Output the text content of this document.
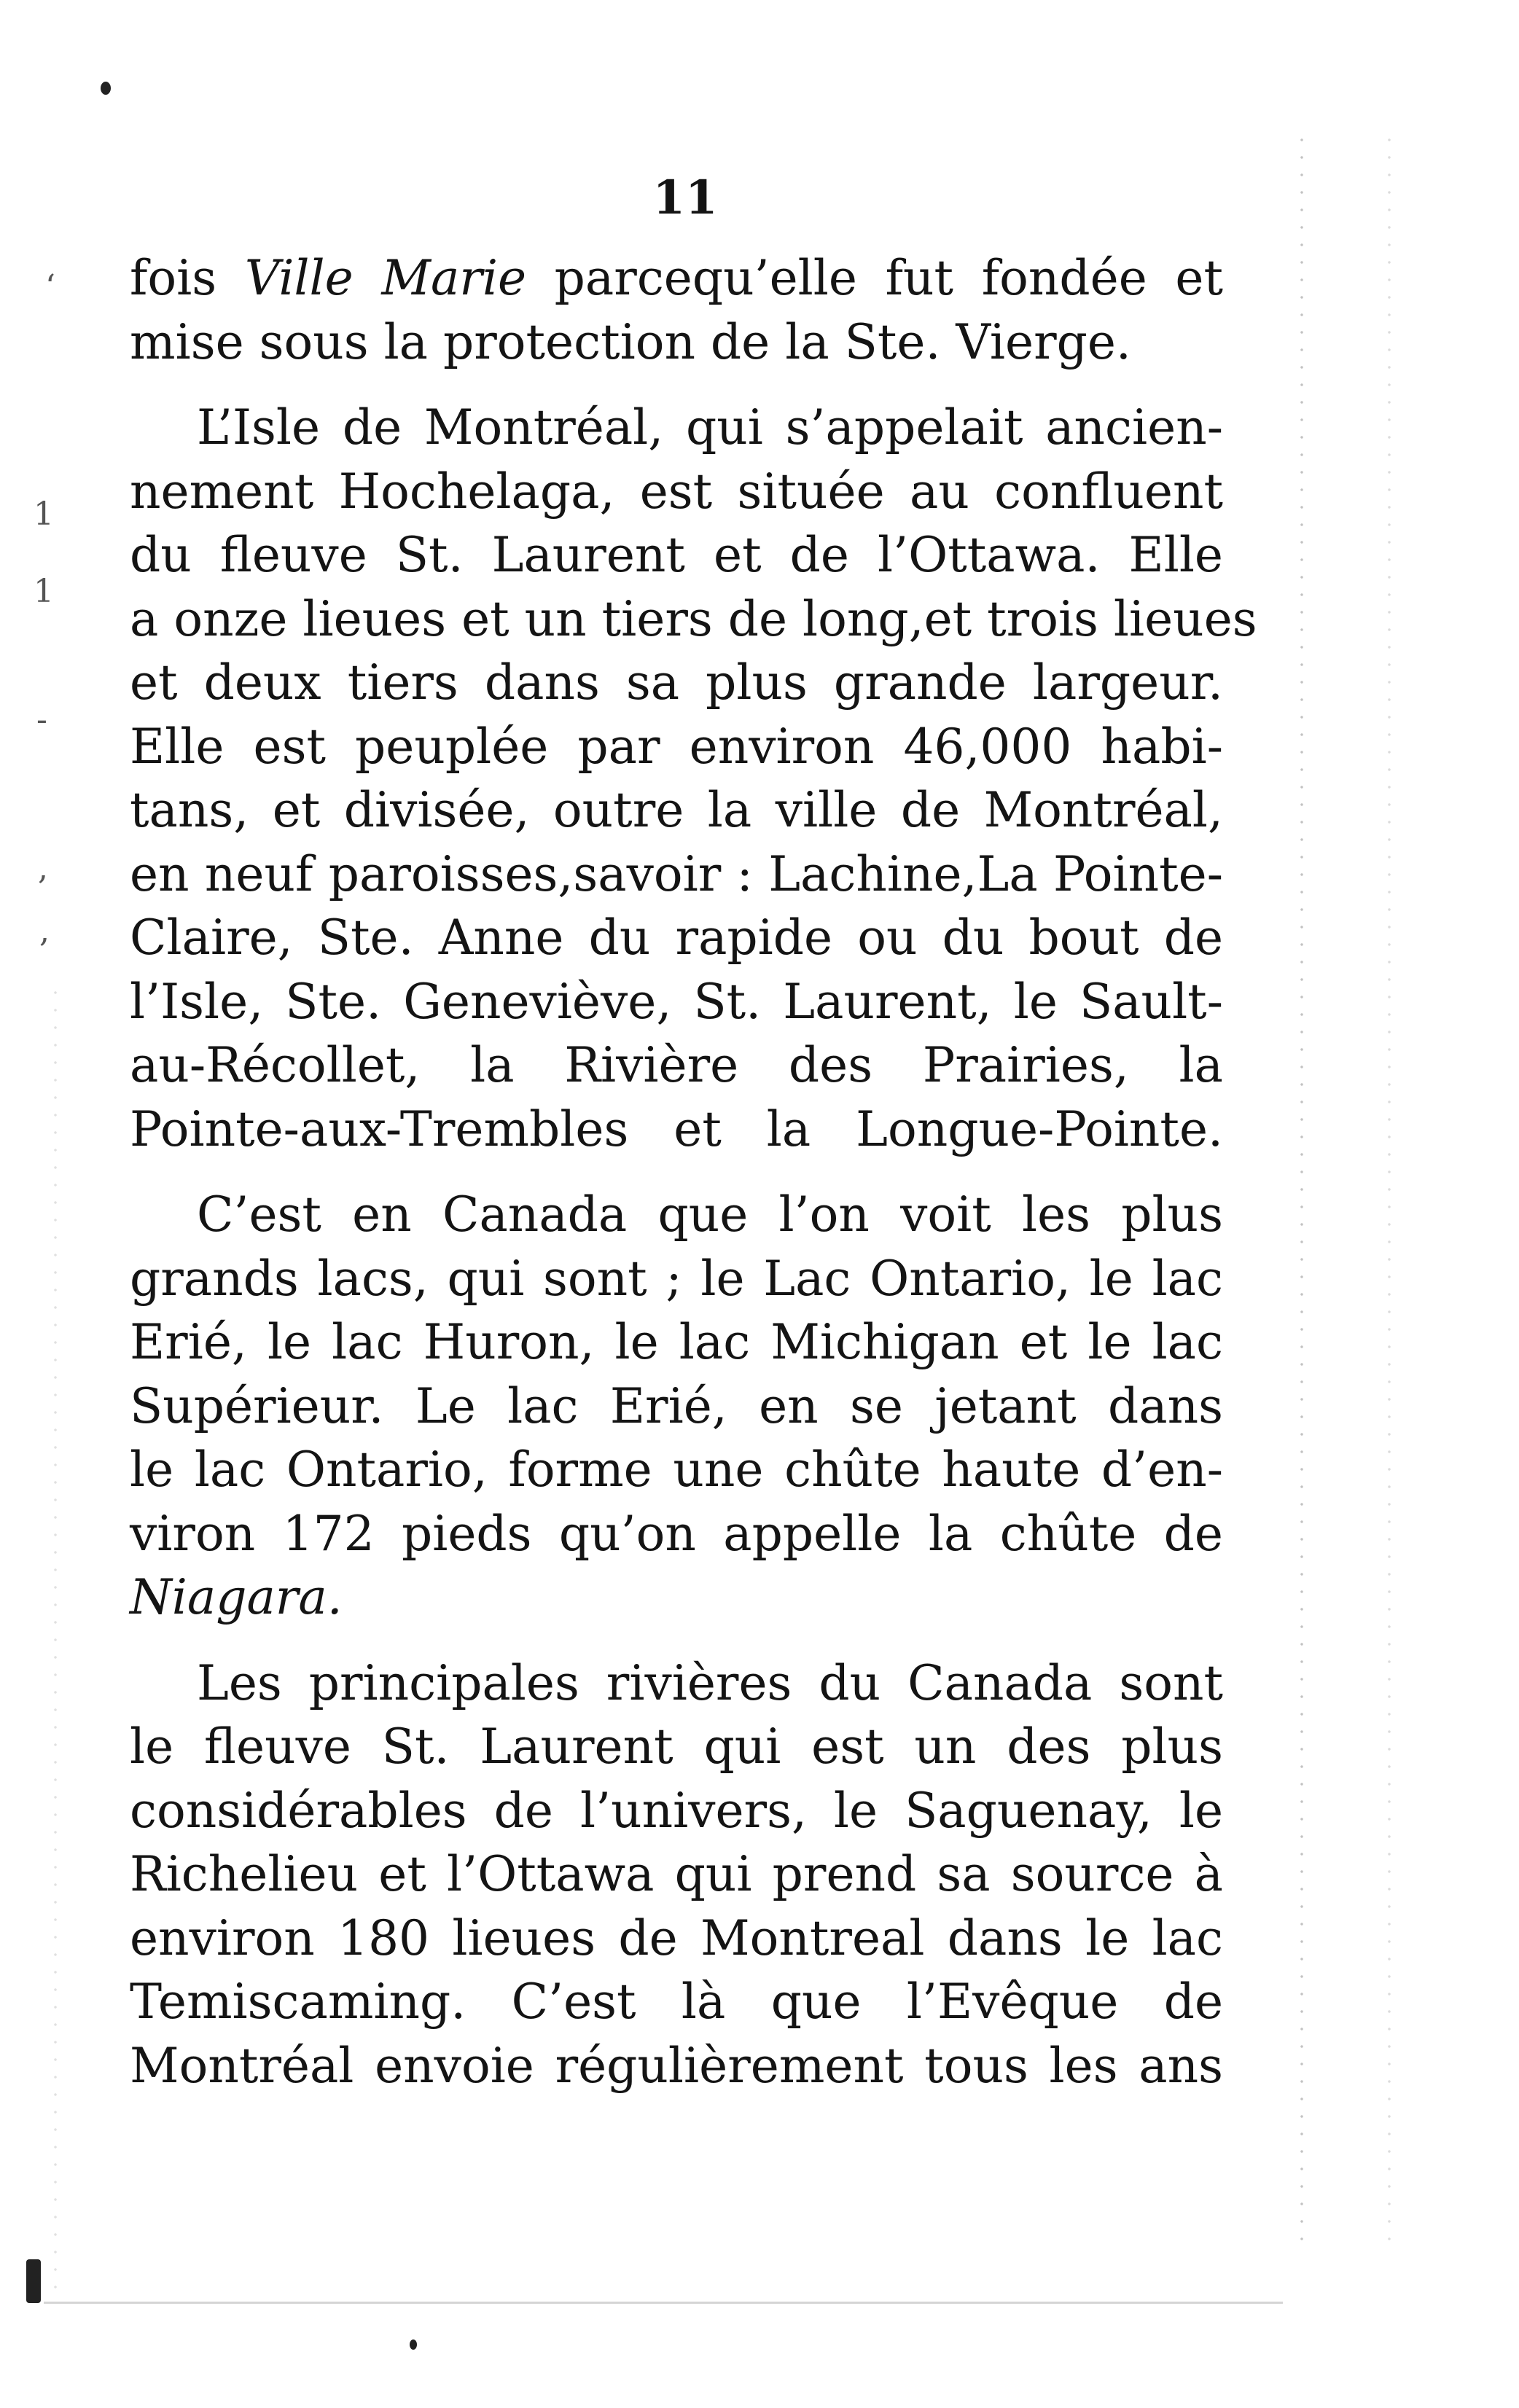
‘
1
1
-
,
,
11
fois Ville Marie parcequ’elle fut fondée et
mise sous la protection de la Ste. Vierge.
L’Isle de Montréal, qui s’appelait ancien-
nement Hochelaga, est située au confluent
du fleuve St. Laurent et de l’Ottawa. Elle
a onze lieues et un tiers de long,et trois lieues
et deux tiers dans sa plus grande largeur.
Elle est peuplée par environ 46,000 habi-
tans, et divisée, outre la ville de Montréal,
en neuf paroisses,savoir : Lachine,La Pointe-
Claire, Ste. Anne du rapide ou du bout de
l’Isle, Ste. Geneviève, St. Laurent, le Sault-
au-Récollet, la Rivière des Prairies, la
Pointe-aux-Trembles et la Longue-Pointe.
C’est en Canada que l’on voit les plus
grands lacs, qui sont ; le Lac Ontario, le lac
Erié, le lac Huron, le lac Michigan et le lac
Supérieur. Le lac Erié, en se jetant dans
le lac Ontario, forme une chûte haute d’en-
viron 172 pieds qu’on appelle la chûte de
Niagara.
Les principales rivières du Canada sont
le fleuve St. Laurent qui est un des plus
considérables de l’univers, le Saguenay, le
Richelieu et l’Ottawa qui prend sa source à
environ 180 lieues de Montreal dans le lac
Temiscaming. C’est là que l’Evêque de
Montréal envoie régulièrement tous les ans
